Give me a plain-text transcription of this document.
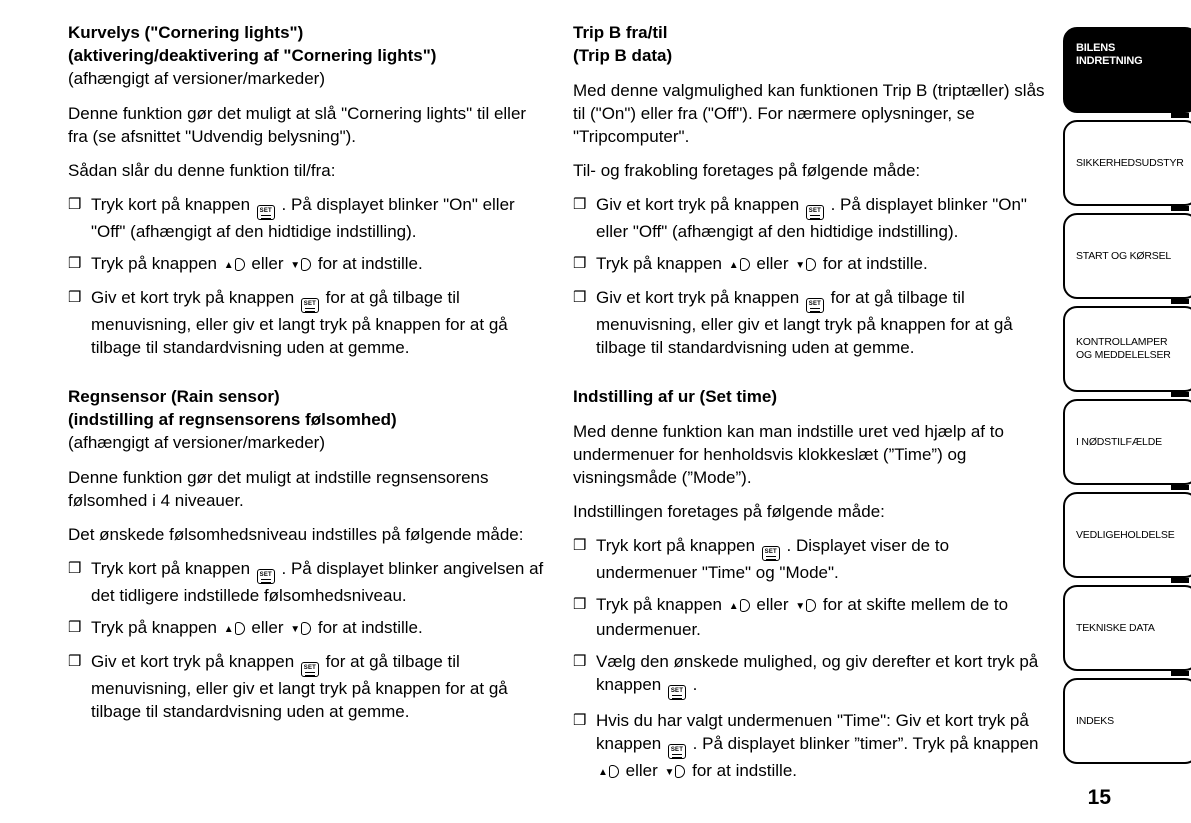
Kurvelys ("Cornering lights")
(aktivering/deaktivering af "Cornering lights")
(afhængigt af versioner/markeder)

Denne funktion gør det muligt at slå "Cornering lights" til eller fra (se afsnittet "Udvendig belysning").

Sådan slår du denne funktion til/fra:

❒ Tryk kort på knappen SET . På displayet blinker "On" eller "Off" (afhængigt af den hidtidige indstilling).
❒ Tryk på knappen ▲ eller ▼ for at indstille.
❒ Giv et kort tryk på knappen SET for at gå tilbage til menuvisning, eller giv et langt tryk på knappen for at gå tilbage til standardvisning uden at gemme.
Regnsensor (Rain sensor)
(indstilling af regnsensorens følsomhed)
(afhængigt af versioner/markeder)

Denne funktion gør det muligt at indstille regnsensorens følsomhed i 4 niveauer.

Det ønskede følsomhedsniveau indstilles på følgende måde:

❒ Tryk kort på knappen SET . På displayet blinker angivelsen af det tidligere indstillede følsomhedsniveau.
❒ Tryk på knappen ▲ eller ▼ for at indstille.
❒ Giv et kort tryk på knappen SET for at gå tilbage til menuvisning, eller giv et langt tryk på knappen for at gå tilbage til standardvisning uden at gemme.
Trip B fra/til
(Trip B data)

Med denne valgmulighed kan funktionen Trip B (triptæller) slås til ("On") eller fra ("Off"). For nærmere oplysninger, se "Tripcomputer".

Til- og frakobling foretages på følgende måde:

❒ Giv et kort tryk på knappen SET . På displayet blinker "On" eller "Off" (afhængigt af den hidtidige indstilling).
❒ Tryk på knappen ▲ eller ▼ for at indstille.
❒ Giv et kort tryk på knappen SET for at gå tilbage til menuvisning, eller giv et langt tryk på knappen for at gå tilbage til standardvisning uden at gemme.
Indstilling af ur (Set time)

Med denne funktion kan man indstille uret ved hjælp af to undermenuer for henholdsvis klokkeslæt (”Time”) og visningsmåde (”Mode”).

Indstillingen foretages på følgende måde:

❒ Tryk kort på knappen SET . Displayet viser de to undermenuer "Time" og "Mode".
❒ Tryk på knappen ▲ eller ▼ for at skifte mellem de to undermenuer.
❒ Vælg den ønskede mulighed, og giv derefter et kort tryk på knappen SET .
❒ Hvis du har valgt undermenuen "Time": Giv et kort tryk på knappen SET . På displayet blinker ”timer”. Tryk på knappen ▲ eller ▼ for at indstille.
BILENS
INDRETNING
SIKKERHEDSUDSTYR
START OG KØRSEL
KONTROLLAMPER
OG MEDDELELSER
I NØDSTILFÆLDE
VEDLIGEHOLDELSE
TEKNISKE DATA
INDEKS
15
